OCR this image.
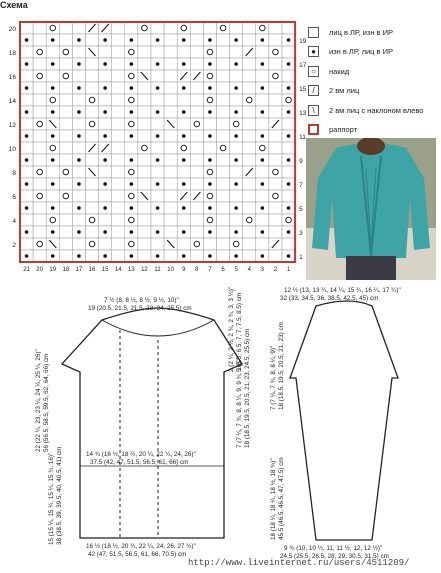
Схема
20
18
16
14
12
10
8
6
4
2
19
17
15
13
11
9
7
5
3
1
21 20 19 18 17 16 15 14 13 12 11 10 9 8 7 6 5 4 3 2 1
лиц в ЛР, изн в ИР
●	изн в ЛР, лиц в ИР
○	накид
/	2 вм лиц
\	2 вм лиц с наклоном влево
раппорт
7 ½ (8, 8 ½, 8 ½, 9 ½, 10)"
19 (20.5, 21.5, 21.5, 23, 24, 25.5) cm
14 ¾ (16 ½, 18 ½, 20 ¼, 22 ¼, 24, 26)"
37.5 (42, 47, 51.5, 56.5, 61, 66) cm
16 ½ (18 ½, 20 ¼, 22 ¼, 24, 26, 27 ¾)"
42 (47, 51.5, 56.5, 61, 66, 70.5) cm
22 (22 ¼, 23, 23 ¼, 24 ¼, 25 ¼, 26)" 56 (56.5, 58.5, 59.5, 62, 64, 66) cm
15 (15 ¼, 15 ¼, 15 ¼, 15 ¾, 16)" 38 (38.5, 39, 39.5, 40, 40.5, 41) cm
7 (7 ¼, 7 ¾, 8, 8 ¼, 9, 9 ¾, 10)" 18 (18.5, 19.5, 20.5, 21, 23, 24.5, 25.5) cm
2 (2 ¼, 2 ½, 2 ¾, 2 ¾, 3, 3 ¼)" 5 (5.5, 6.5, 7, 7, 7.5, 8.5) cm
12 ½ (13, 13 ¼, 14 ¼, 15 ¼, 16 ¼, 17 ¼)"
32 (33, 34.5, 36, 38.5, 42.5, 45) cm
9 ¾ (10, 10 ½, 11, 11 ½, 12, 12 ½)"
24.5 (25.5, 26.5, 28, 29, 30.5, 31.5) cm
7 (7 ¼, 7 ¾, 8, 8 ¼, 9)" 18 (18.5, 19.5, 20.5, 21, 23) cm
18 (18 ¼, 18 ¼, 18 ½, 18 ¾)" 45.5 (46.5, 46.5, 47, 47.5) cm
http://www.liveinternet.ru/users/4511209/
